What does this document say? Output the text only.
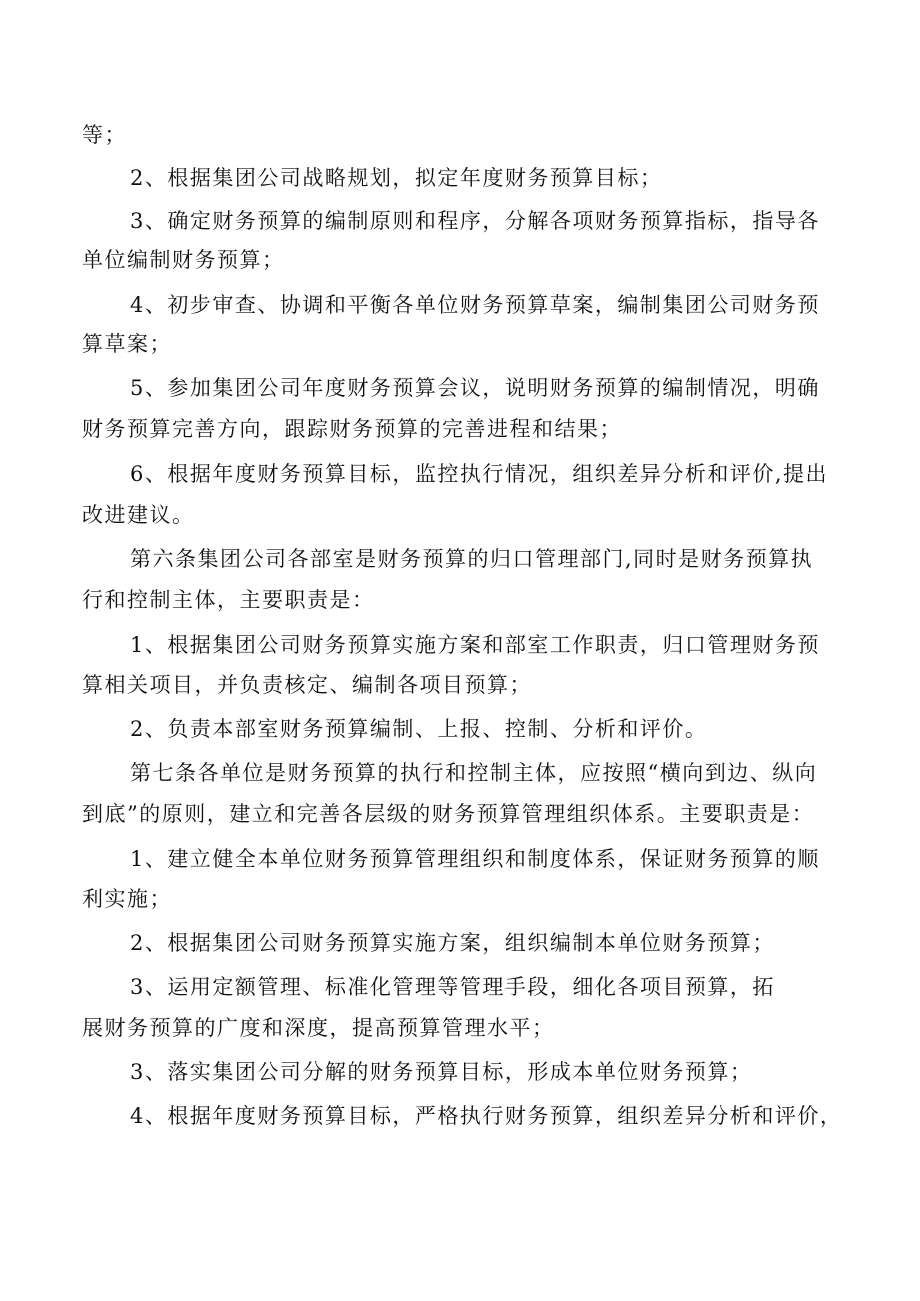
等；
2、根据集团公司战略规划，拟定年度财务预算目标；
3、确定财务预算的编制原则和程序，分解各项财务预算指标，指导各
单位编制财务预算；
4、初步审查、协调和平衡各单位财务预算草案，编制集团公司财务预
算草案；
5、参加集团公司年度财务预算会议，说明财务预算的编制情况，明确
财务预算完善方向，跟踪财务预算的完善进程和结果；
6、根据年度财务预算目标，监控执行情况，组织差异分析和评价,提出
改进建议。
第六条集团公司各部室是财务预算的归口管理部门,同时是财务预算执
行和控制主体，主要职责是：
1、根据集团公司财务预算实施方案和部室工作职责，归口管理财务预
算相关项目，并负责核定、编制各项目预算；
2、负责本部室财务预算编制、上报、控制、分析和评价。
第七条各单位是财务预算的执行和控制主体，应按照“横向到边、纵向
到底”的原则，建立和完善各层级的财务预算管理组织体系。主要职责是：
1、建立健全本单位财务预算管理组织和制度体系，保证财务预算的顺
利实施；
2、根据集团公司财务预算实施方案，组织编制本单位财务预算；
3、运用定额管理、标准化管理等管理手段，细化各项目预算，拓
展财务预算的广度和深度，提高预算管理水平；
3、落实集团公司分解的财务预算目标，形成本单位财务预算；
4、根据年度财务预算目标，严格执行财务预算，组织差异分析和评价，
